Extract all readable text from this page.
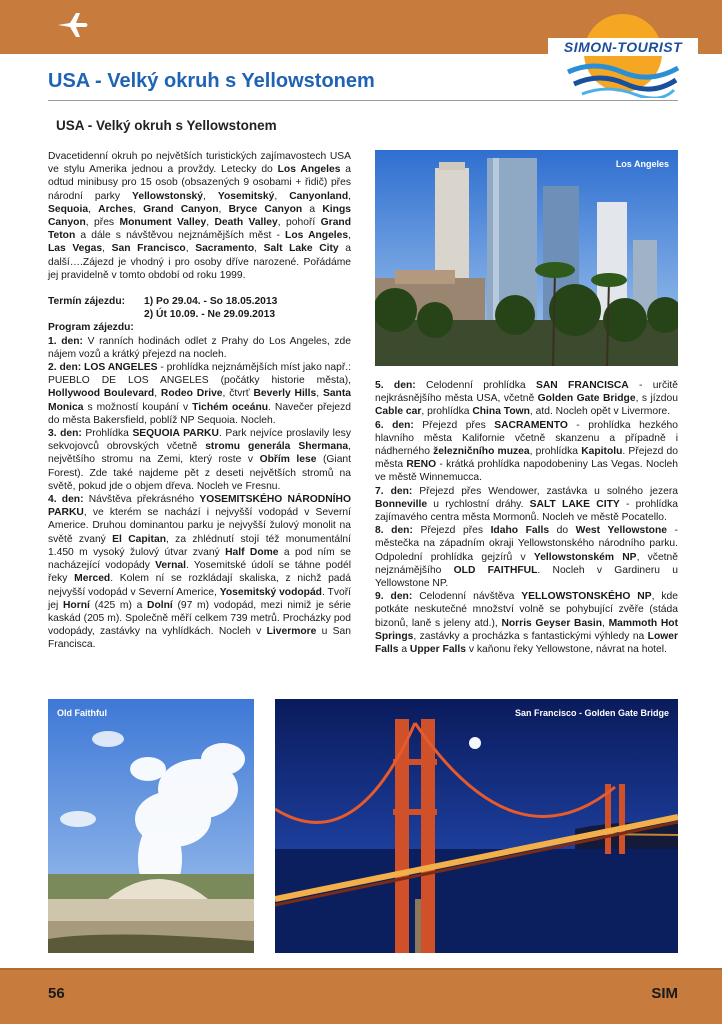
SIMON-TOURIST
USA - Velký okruh s Yellowstonem
USA - Velký okruh s Yellowstonem

Dvacetidenní okruh po největších turistických zajímavostech USA ve stylu Amerika jednou a provždy. Letecky do Los Angeles a odtud minibusy pro 15 osob (obsazených 9 osobami + řidič) přes národní parky Yellowstonský, Yosemitský, Canyonland, Sequoia, Arches, Grand Canyon, Bryce Canyon a Kings Canyon, přes Monument Valley, Death Valley, pohoří Grand Teton a dále s návštěvou nejznámějších měst - Los Angeles, Las Vegas, San Francisco, Sacramento, Salt Lake City a další….Zájezd je vhodný i pro osoby dříve narozené. Pořádáme jej pravidelně v tomto období od roku 1999.

Termín zájezdu:	1) Po 29.04. - So 18.05.2013
2) Út 10.09. - Ne 29.09.2013

Program zájezdu:

1. den: V ranních hodinách odlet z Prahy do Los Angeles, zde nájem vozů a krátký přejezd na nocleh.

2. den: LOS ANGELES - prohlídka nejznámějších míst jako např.: PUEBLO DE LOS ANGELES (počátky historie města), Hollywood Boulevard, Rodeo Drive, čtvrť Beverly Hills, Santa Monica s možností koupání v Tichém oceánu. Navečer přejezd do města Bakersfield, poblíž NP Sequoia. Nocleh.

3. den: Prohlídka SEQUOIA PARKU. Park nejvíce proslavily lesy sekvojovců obrovských včetně stromu generála Shermana, největšího stromu na Zemi, který roste v Obřím lese (Giant Forest). Zde také najdeme pět z deseti největších stromů na světě, pokud jde o objem dřeva. Nocleh ve Fresnu.

4. den: Návštěva překrásného YOSEMITSKÉHO NÁRODNÍHO PARKU, ve kterém se nachází i nejvyšší vodopád v Severní Americe. Druhou dominantou parku je nejvyšší žulový monolit na světě zvaný El Capitan, za zhlédnutí stojí též monumentální 1.450 m vysoký žulový útvar zvaný Half Dome a pod ním se nacházející vodopády Vernal. Yosemitské údolí se táhne podél řeky Merced. Kolem ní se rozkládají skaliska, z nichž padá nejvyšší vodopád v Severní Americe, Yosemitský vodopád. Tvoří jej Horní (425 m) a Dolní (97 m) vodopád, mezi nimiž je série kaskád (205 m). Společně měří celkem 739 metrů. Procházky pod vodopády, zastávky na vyhlídkách. Nocleh v Livermore u San Francisca.

Los Angeles

5. den: Celodenní prohlídka SAN FRANCISCA - určitě nejkrásnějšího města USA, včetně Golden Gate Bridge, s jízdou Cable car, prohlídka China Town, atd. Nocleh opět v Livermore.

6. den: Přejezd přes SACRAMENTO - prohlídka hezkého hlavního města Kalifornie včetně skanzenu a případně i nádherného železničního muzea, prohlídka Kapitolu. Přejezd do města RENO - krátká prohlídka napodobeniny Las Vegas. Nocleh ve městě Winnemucca.

7. den: Přejezd přes Wendower, zastávka u solného jezera Bonneville u rychlostní dráhy. SALT LAKE CITY - prohlídka zajímavého centra města Mormonů. Nocleh ve městě Pocatello.

8. den: Přejezd přes Idaho Falls do West Yellowstone - městečka na západním okraji Yellowstonského národního parku. Odpolední prohlídka gejzírů v Yellowstonském NP, včetně nejznámějšího OLD FAITHFUL. Nocleh v Gardineru u Yellowstone NP.

9. den: Celodenní návštěva YELLOWSTONSKÉHO NP, kde potkáte neskutečné množství volně se pohybující zvěře (stáda bizonů, laně s jeleny atd.), Norris Geyser Basin, Mammoth Hot Springs, zastávky a procházka s fantastickými výhledy na Lower Falls a Upper Falls v kaňonu řeky Yellowstone, návrat na hotel.

Old Faithful	San Francisco - Golden Gate Bridge
56	SIM
